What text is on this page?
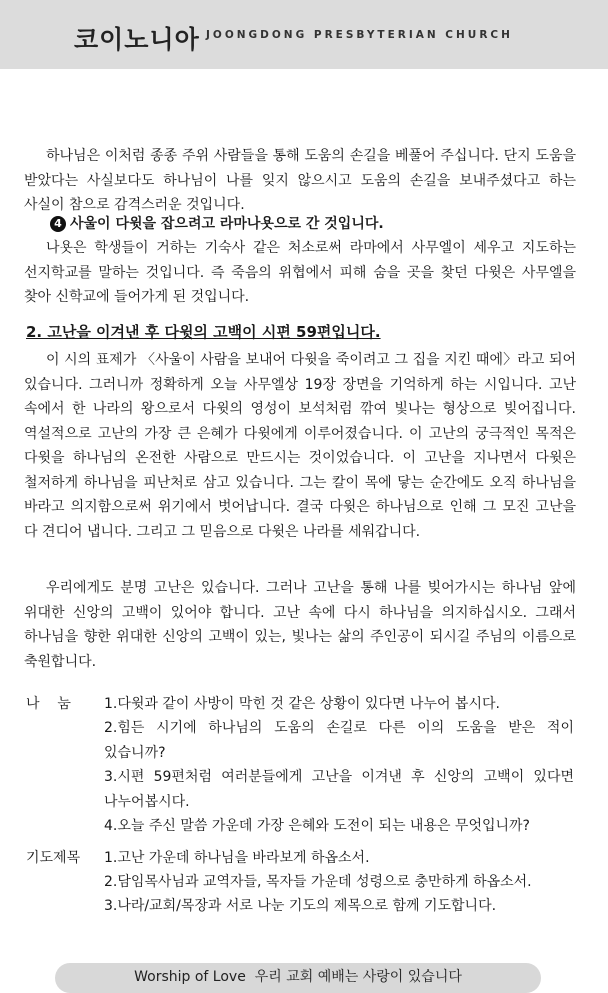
코이노니아 JOONGDONG PRESBYTERIAN CHURCH
하나님은 이처럼 종종 주위 사람들을 통해 도움의 손길을 베풀어 주십니다. 단지 도움을 받았다는 사실보다도 하나님이 나를 잊지 않으시고 도움의 손길을 보내주셨다고 하는 사실이 참으로 감격스러운 것입니다.
4 사울이 다윗을 잡으려고 라마나욧으로 간 것입니다.
나욧은 학생들이 거하는 기숙사 같은 처소로써 라마에서 사무엘이 세우고 지도하는 선지학교를 말하는 것입니다. 즉 죽음의 위협에서 피해 숨을 곳을 찾던 다윗은 사무엘을 찾아 신학교에 들어가게 된 것입니다.
2. 고난을 이겨낸 후 다윗의 고백이 시편 59편입니다.
이 시의 표제가 〈사울이 사람을 보내어 다윗을 죽이려고 그 집을 지킨 때에〉라고 되어 있습니다. 그러니까 정확하게 오늘 사무엘상 19장 장면을 기억하게 하는 시입니다. 고난 속에서 한 나라의 왕으로서 다윗의 영성이 보석처럼 깎여 빛나는 형상으로 빚어집니다. 역설적으로 고난의 가장 큰 은혜가 다윗에게 이루어졌습니다. 이 고난의 궁극적인 목적은 다윗을 하나님의 온전한 사람으로 만드시는 것이었습니다. 이 고난을 지나면서 다윗은 철저하게 하나님을 피난처로 삼고 있습니다. 그는 칼이 목에 닿는 순간에도 오직 하나님을 바라고 의지함으로써 위기에서 벗어납니다. 결국 다윗은 하나님으로 인해 그 모진 고난을 다 견디어 냅니다. 그리고 그 믿음으로 다윗은 나라를 세워갑니다.
우리에게도 분명 고난은 있습니다. 그러나 고난을 통해 나를 빚어가시는 하나님 앞에 위대한 신앙의 고백이 있어야 합니다. 고난 속에 다시 하나님을 의지하십시오. 그래서 하나님을 향한 위대한 신앙의 고백이 있는, 빛나는 삶의 주인공이 되시길 주님의 이름으로 축원합니다.
나    눔 1.다윗과 같이 사방이 막힌 것 같은 상황이 있다면 나누어 봅시다.
2.힘든 시기에 하나님의 도움의 손길로 다른 이의 도움을 받은 적이 있습니까?
3.시편 59편처럼 여러분들에게 고난을 이겨낸 후 신앙의 고백이 있다면 나누어봅시다.
4.오늘 주신 말씀 가운데 가장 은혜와 도전이 되는 내용은 무엇입니까?
기도제목 1.고난 가운데 하나님을 바라보게 하옵소서.
2.담임목사님과 교역자들, 목자들 가운데 성령으로 충만하게 하옵소서.
3.나라/교회/목장과 서로 나눈 기도의 제목으로 함께 기도합니다.
Worship of Love  우리 교회 예배는 사랑이 있습니다
